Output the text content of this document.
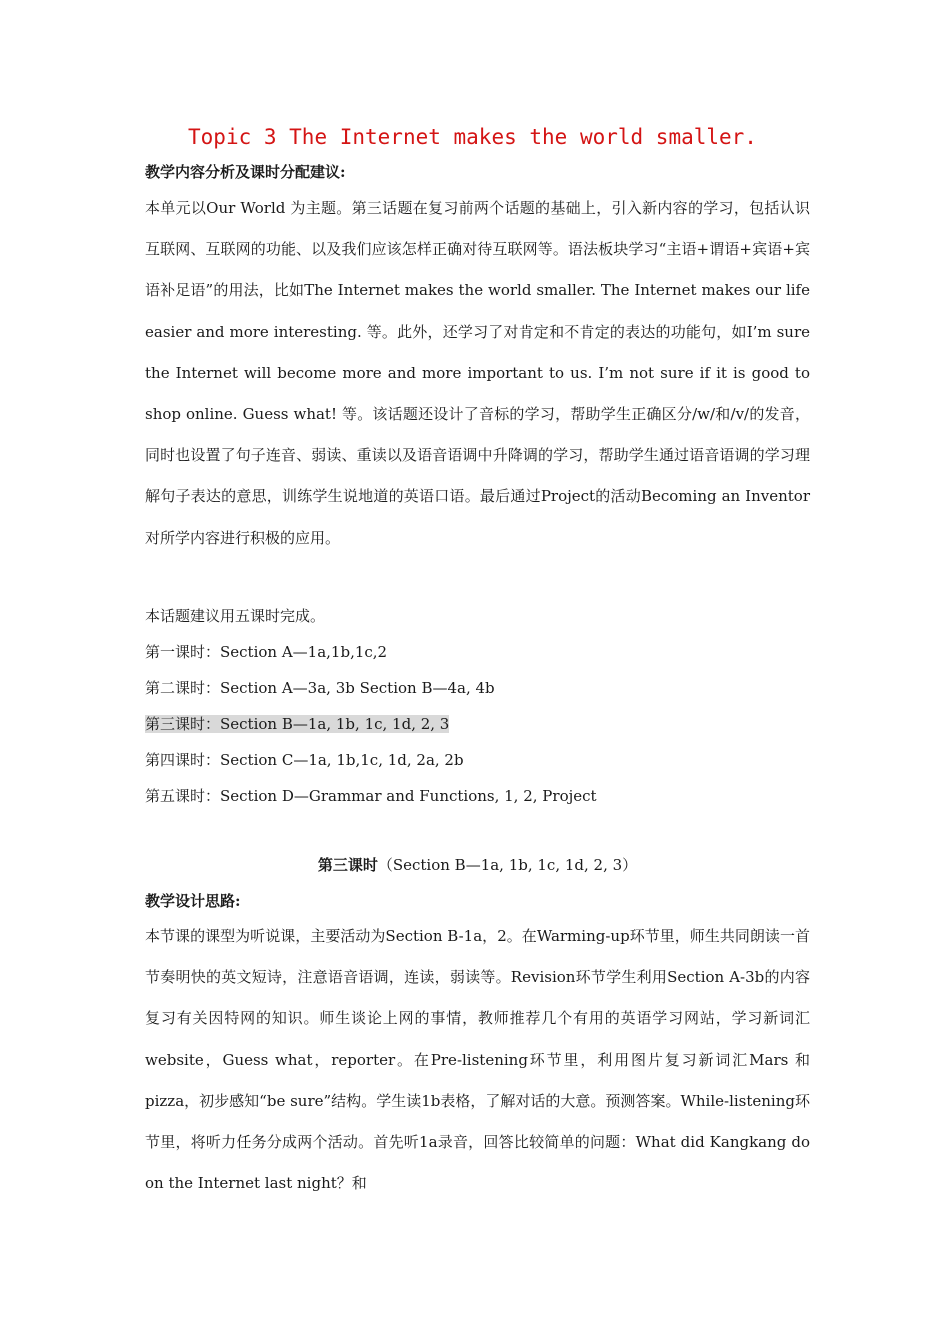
Topic 3 The Internet makes the world smaller.
教学内容分析及课时分配建议:
本单元以Our World 为主题。第三话题在复习前两个话题的基础上，引入新内容的学习，包括认识互联网、互联网的功能、以及我们应该怎样正确对待互联网等。语法板块学习“主语+谓语+宾语+宾语补足语”的用法，比如The Internet makes the world smaller. The Internet makes our life easier and more interesting. 等。此外，还学习了对肯定和不肯定的表达的功能句，如I’m sure the Internet will become more and more important to us. I’m not sure if it is good to shop online. Guess what! 等。该话题还设计了音标的学习，帮助学生正确区分/w/和/v/的发音，同时也设置了句子连音、弱读、重读以及语音语调中升降调的学习，帮助学生通过语音语调的学习理解句子表达的意思，训练学生说地道的英语口语。最后通过Project的活动Becoming an Inventor 对所学内容进行积极的应用。
本话题建议用五课时完成。
第一课时：Section A—1a,1b,1c,2
第二课时：Section A—3a, 3b Section B—4a, 4b
第三课时：Section B—1a, 1b, 1c, 1d, 2, 3
第四课时：Section C—1a, 1b,1c, 1d, 2a, 2b
第五课时：Section D—Grammar and Functions, 1, 2, Project
第三课时（Section B—1a, 1b, 1c, 1d, 2, 3）
教学设计思路:
本节课的课型为听说课，主要活动为Section B-1a，2。在Warming-up环节里，师生共同朗读一首节奏明快的英文短诗，注意语音语调，连读，弱读等。Revision环节学生利用Section A-3b的内容复习有关因特网的知识。师生谈论上网的事情，教师推荐几个有用的英语学习网站，学习新词汇website，Guess what，reporter。在Pre-listening环节里，利用图片复习新词汇Mars 和pizza，初步感知“be sure”结构。学生读1b表格，了解对话的大意。预测答案。While-listening环节里，将听力任务分成两个活动。首先听1a录音，回答比较简单的问题：What did Kangkang do on the Internet last night？和
